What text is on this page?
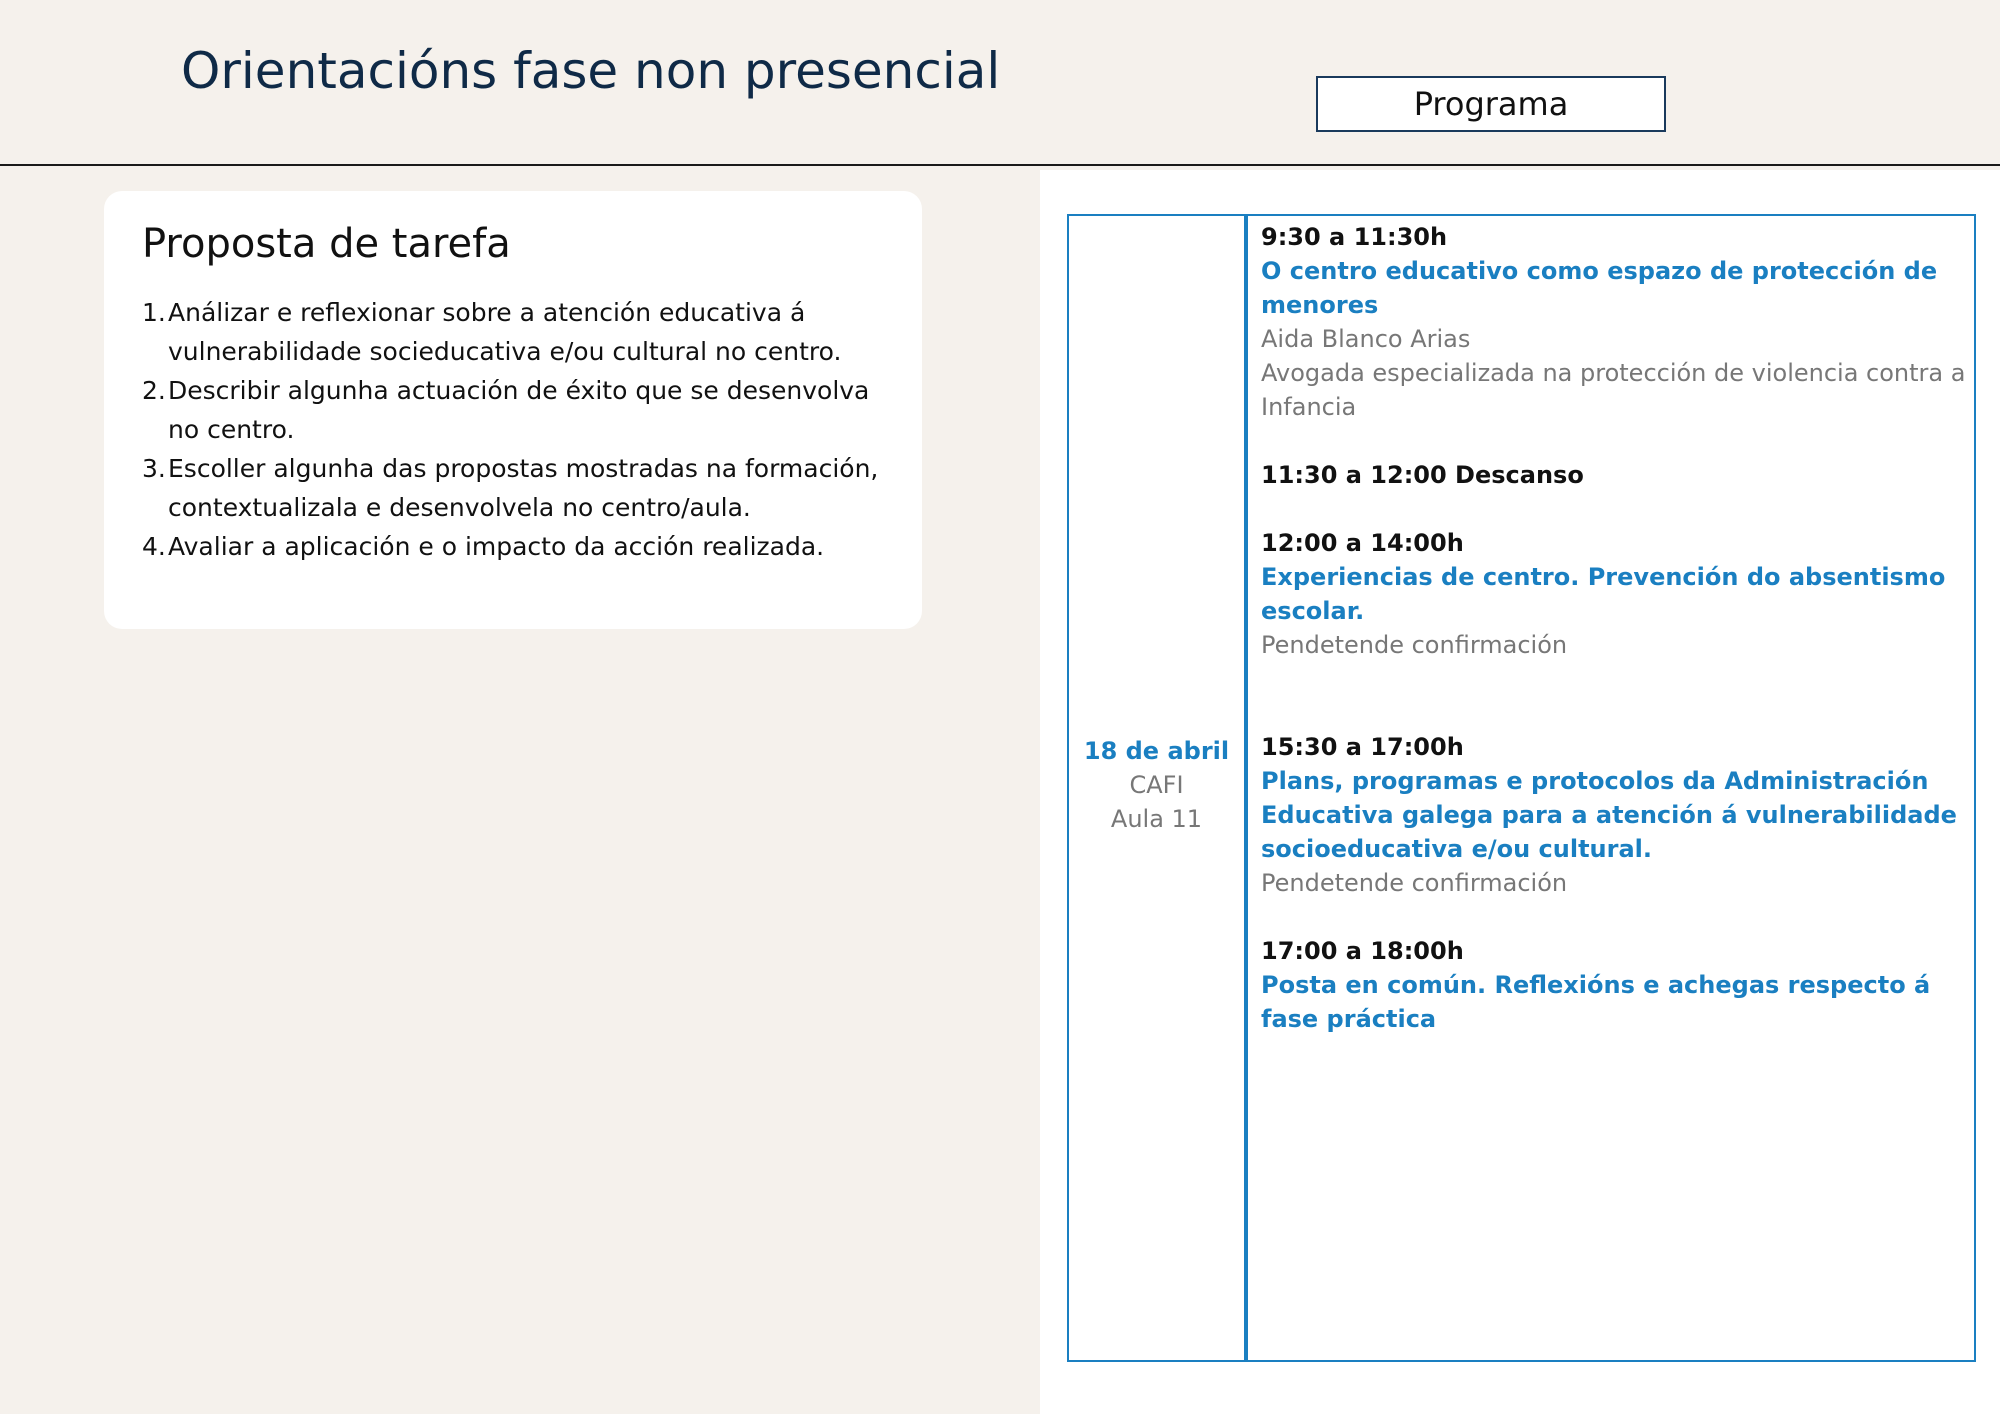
Orientacións fase non presencial
Programa
Proposta de tarefa
1. Análizar e reflexionar sobre a atención educativa á vulnerabilidade socieducativa e/ou cultural no centro.
2. Describir algunha actuación de éxito que se desenvolva no centro.
3. Escoller algunha das propostas mostradas na formación, contextualizala e desenvolvela no centro/aula.
4. Avaliar a aplicación e o impacto da acción realizada.
18 de abril
CAFI
Aula 11
9:30 a 11:30h
O centro educativo como espazo de protección de menores
Aida Blanco Arias
Avogada especializada na protección de violencia contra a Infancia
11:30 a 12:00 Descanso
12:00 a 14:00h
Experiencias de centro. Prevención do absentismo escolar.
Pendetende confirmación
15:30 a 17:00h
Plans, programas e protocolos da Administración Educativa galega para a atención á vulnerabilidade socioeducativa e/ou cultural.
Pendetende confirmación
17:00 a 18:00h
Posta en común. Reflexións e achegas respecto á fase práctica
